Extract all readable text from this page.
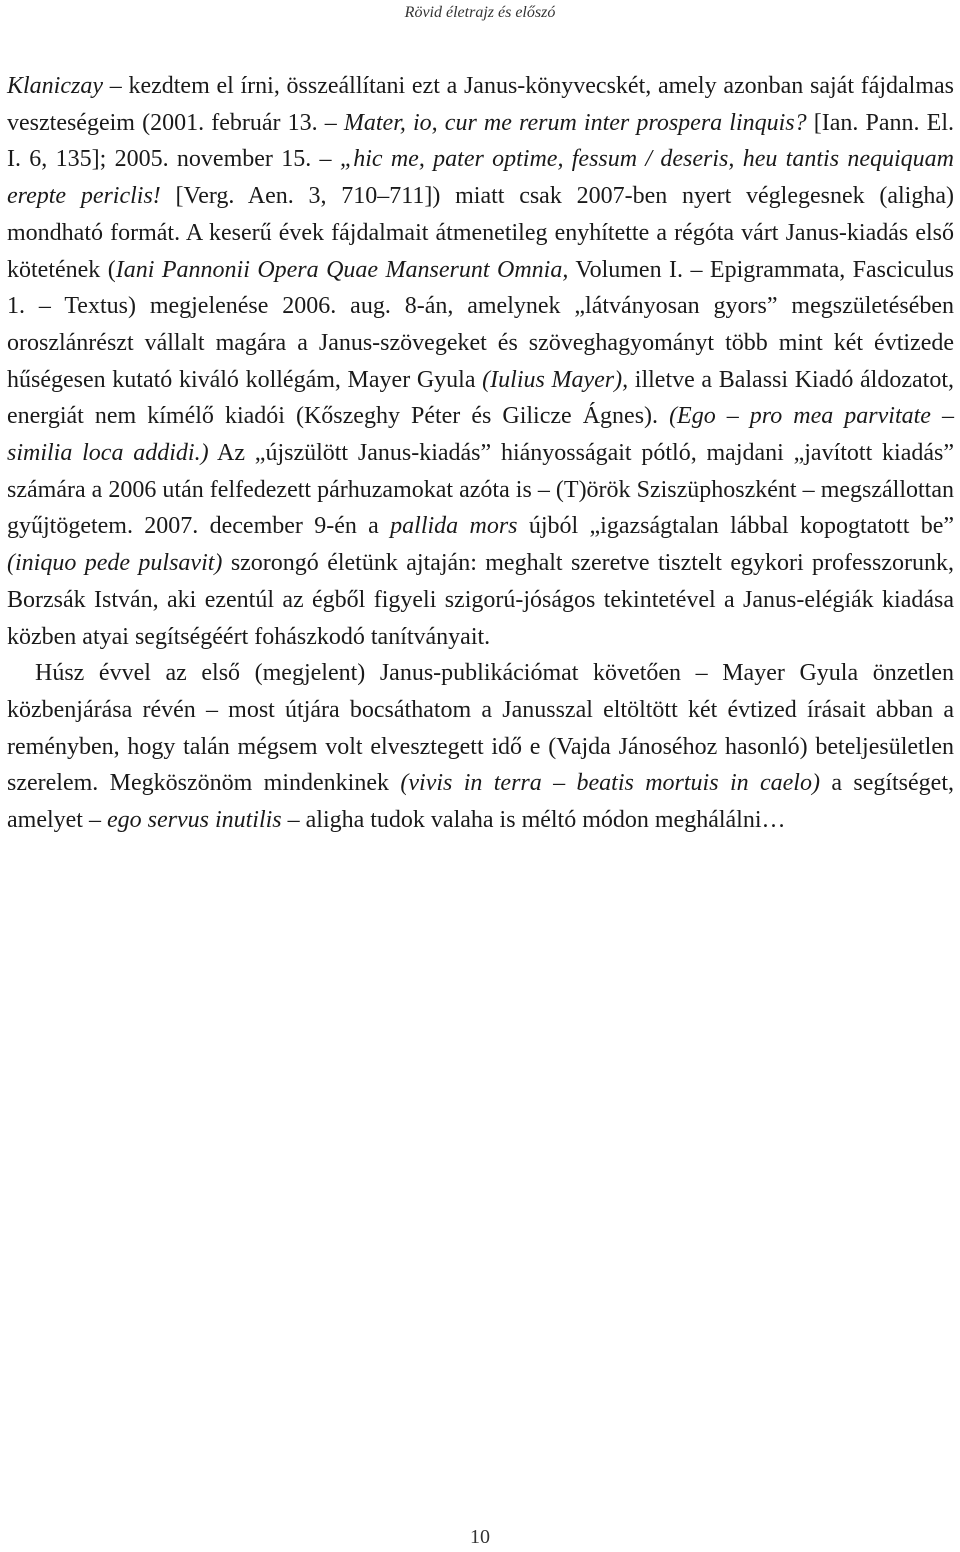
Rövid életrajz és előszó

Klaniczay – kezdtem el írni, összeállítani ezt a Janus-könyvecskét, amely azonban saját fájdalmas veszteségeim (2001. február 13. – Mater, io, cur me rerum inter prospera linquis? [Ian. Pann. El. I. 6, 135]; 2005. november 15. – „hic me, pater optime, fessum / deseris, heu tantis nequiquam erepte periclis! [Verg. Aen. 3, 710–711]) miatt csak 2007-ben nyert véglegesnek (aligha) mondható formát. A keserű évek fájdalmait átmenetileg enyhítette a régóta várt Janus-kiadás első kötetének (Iani Pannonii Opera Quae Manserunt Omnia, Volumen I. – Epigrammata, Fasciculus 1. – Textus) megjelenése 2006. aug. 8-án, amelynek „látványosan gyors” megszületésében oroszlánrészt vállalt magára a Janus-szövegeket és szöveghagyományt több mint két évtizede hűségesen kutató kiváló kollégám, Mayer Gyula (Iulius Mayer), illetve a Balassi Kiadó áldozatot, energiát nem kímélő kiadói (Kőszeghy Péter és Gilicze Ágnes). (Ego – pro mea parvitate – similia loca addidi.) Az „újszülött Janus-kiadás” hiányosságait pótló, majdani „javított kiadás” számára a 2006 után felfedezett párhuzamokat azóta is – (T)örök Sziszüphoszként – megszállottan gyűjtögetem. 2007. december 9-én a pallida mors újból „igazságtalan lábbal kopogtatott be” (iniquo pede pulsavit) szorongó életünk ajtaján: meghalt szeretve tisztelt egykori professzorunk, Borzsák István, aki ezentúl az égből figyeli szigorú-jóságos tekintetével a Janus-elégiák kiadása közben atyai segítségéért fohászkodó tanítványait.

Húsz évvel az első (megjelent) Janus-publikációmat követően – Mayer Gyula önzetlen közbenjárása révén – most útjára bocsáthatom a Janusszal eltöltött két évtized írásait abban a reményben, hogy talán mégsem volt elvesztegett idő e (Vajda Jánoséhoz hasonló) beteljesületlen szerelem. Megköszönöm mindenkinek (vivis in terra – beatis mortuis in caelo) a segítséget, amelyet – ego servus inutilis – aligha tudok valaha is méltó módon meghálálni…

10
